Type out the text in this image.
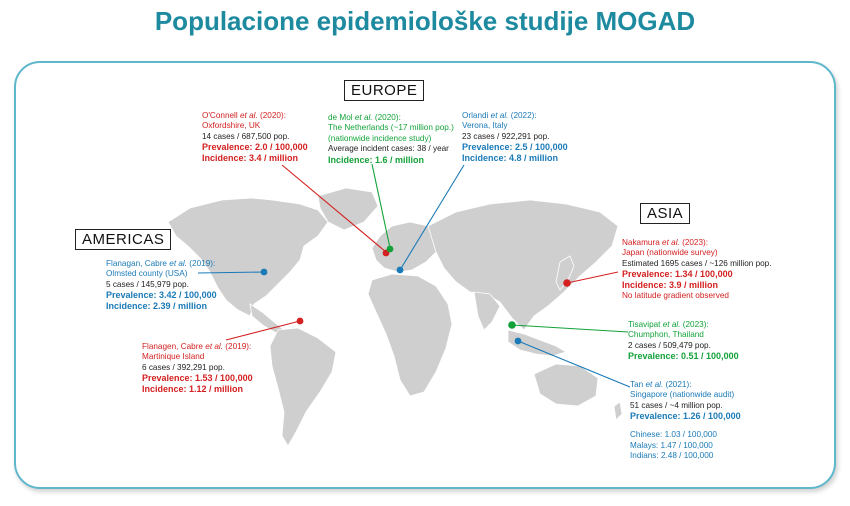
Populacione epidemiološke studije MOGAD
EUROPE
ASIA
AMERICAS
O'Connell et al. (2020):
Oxfordshire, UK
14 cases / 687,500 pop.
Prevalence: 2.0 / 100,000
Incidence: 3.4 / million
de Mol et al. (2020):
The Netherlands (~17 million pop.)
(nationwide incidence study)
Average incident cases: 38 / year
Incidence: 1.6 / million
Orlandi et al. (2022):
Verona, Italy
23 cases / 922,291 pop.
Prevalence: 2.5 / 100,000
Incidence: 4.8 / million
Nakamura et al. (2023):
Japan (nationwide survey)
Estimated 1695 cases / ~126 million pop.
Prevalence: 1.34 / 100,000
Incidence: 3.9 / million
No latitude gradient observed
Flanagan, Cabre et al. (2019):
Olmsted county (USA)
5 cases / 145,979 pop.
Prevalence: 3.42 / 100,000
Incidence: 2.39 / million
Tisavipat et al. (2023):
Chumphon, Thailand
2 cases / 509,479 pop.
Prevalence: 0.51 / 100,000
Flanagen, Cabre et al. (2019):
Martinique Island
6 cases / 392,291 pop.
Prevalence: 1.53 / 100,000
Incidence: 1.12 / million	Tan et al. (2021):
Singapore (nationwide audit)
51 cases / ~4 million pop.
Prevalence: 1.26 / 100,000
Chinese: 1.03 / 100,000
Malays: 1.47 / 100,000
Indians: 2.48 / 100,000
